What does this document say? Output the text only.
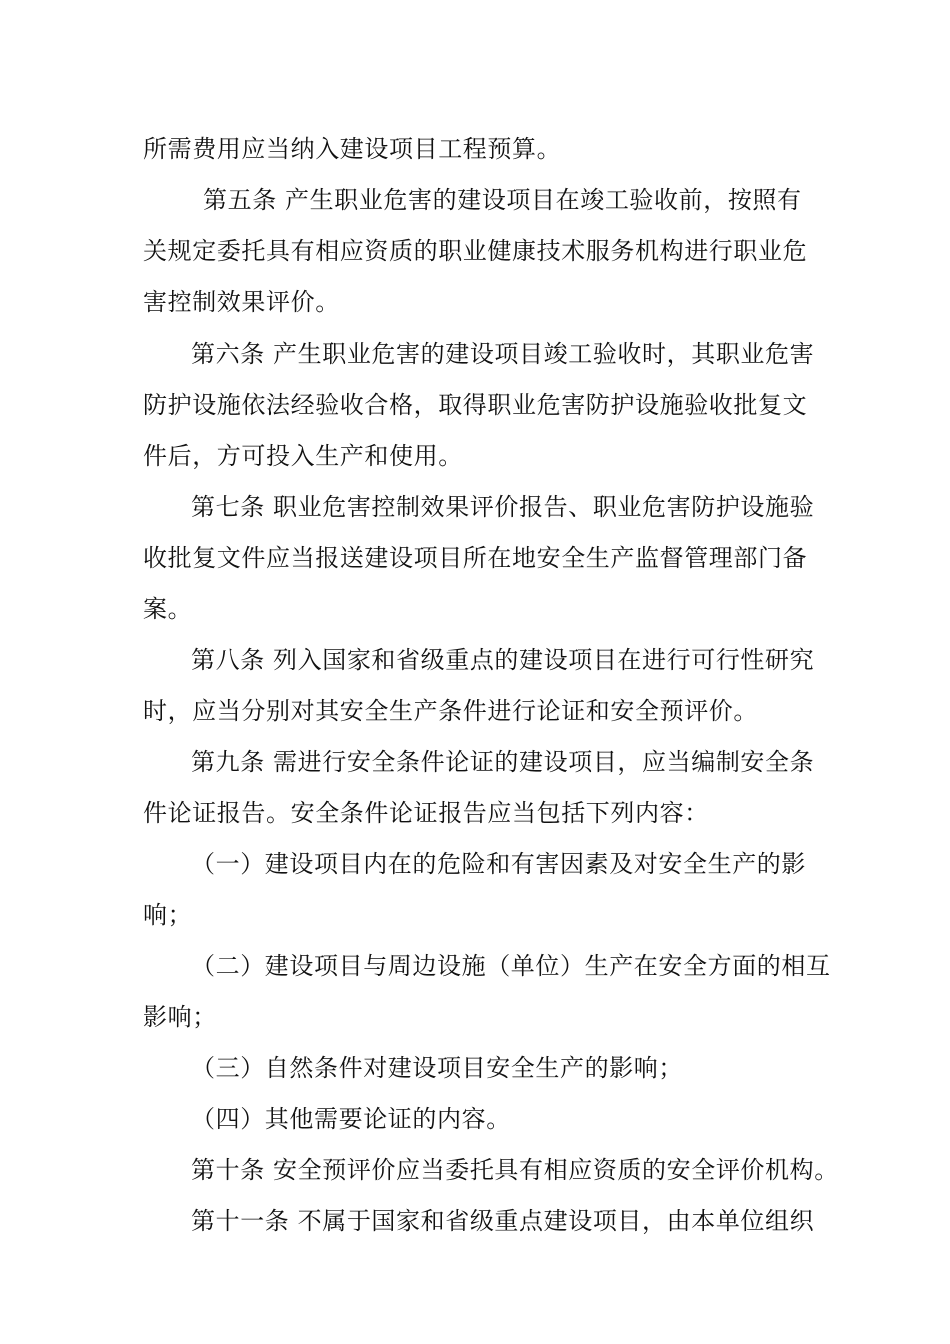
所需费用应当纳入建设项目工程预算。
第五条 产生职业危害的建设项目在竣工验收前，按照有
关规定委托具有相应资质的职业健康技术服务机构进行职业危
害控制效果评价。
第六条 产生职业危害的建设项目竣工验收时，其职业危害
防护设施依法经验收合格，取得职业危害防护设施验收批复文
件后，方可投入生产和使用。
第七条 职业危害控制效果评价报告、职业危害防护设施验
收批复文件应当报送建设项目所在地安全生产监督管理部门备
案。
第八条 列入国家和省级重点的建设项目在进行可行性研究
时，应当分别对其安全生产条件进行论证和安全预评价。
第九条 需进行安全条件论证的建设项目，应当编制安全条
件论证报告。安全条件论证报告应当包括下列内容：
（一）建设项目内在的危险和有害因素及对安全生产的影
响；
（二）建设项目与周边设施（单位）生产在安全方面的相互
影响；
（三）自然条件对建设项目安全生产的影响；
（四）其他需要论证的内容。
第十条 安全预评价应当委托具有相应资质的安全评价机构。
第十一条 不属于国家和省级重点建设项目，由本单位组织
